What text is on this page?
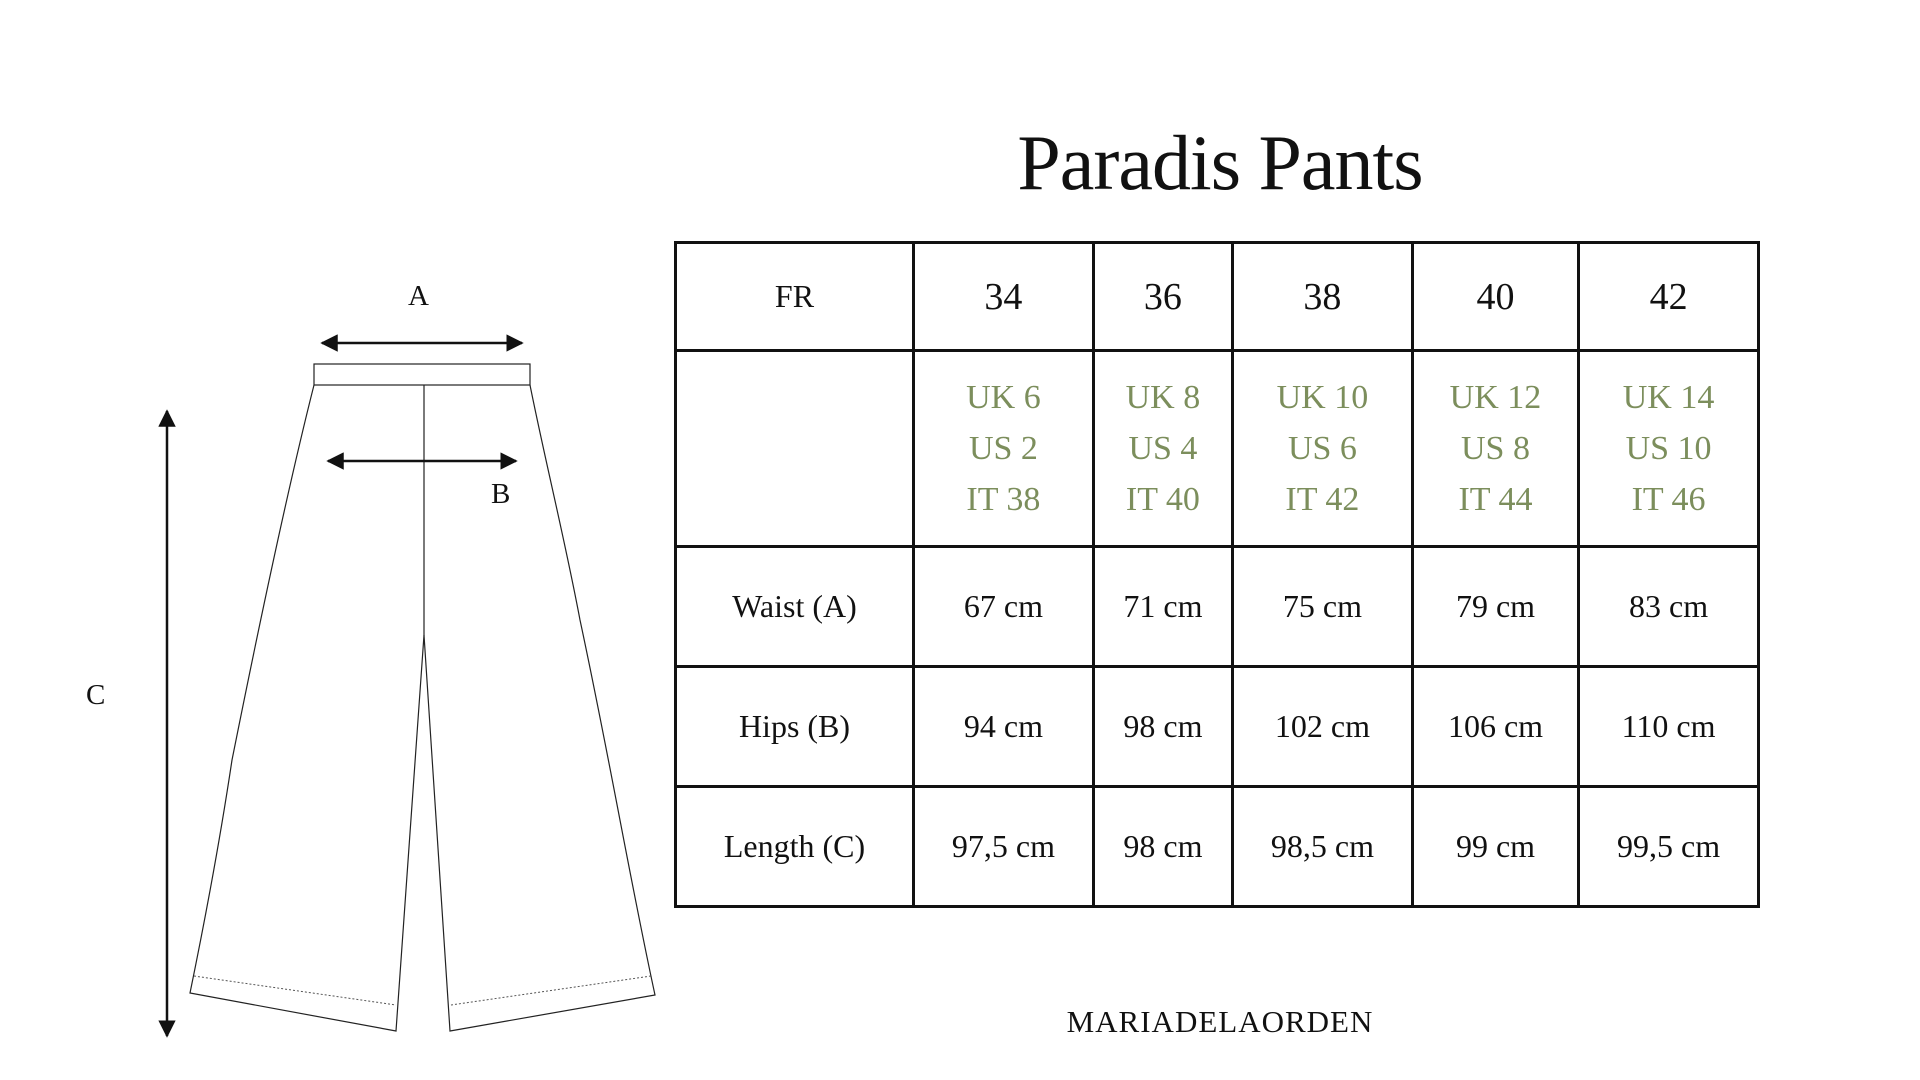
Paradis Pants
A
B
C
FR	34	36	38	40	42

	UK 6
US 2
IT 38	UK 8
US 4
IT 40	UK 10
US 6
IT 42	UK 12
US 8
IT 44	UK 14
US 10
IT 46

Waist (A)	67 cm	71 cm	75 cm	79 cm	83 cm
Hips (B)	94 cm	98 cm	102 cm	106 cm	110 cm
Length (C)	97,5 cm	98 cm	98,5 cm	99 cm	99,5 cm
MARIADELAORDEN
